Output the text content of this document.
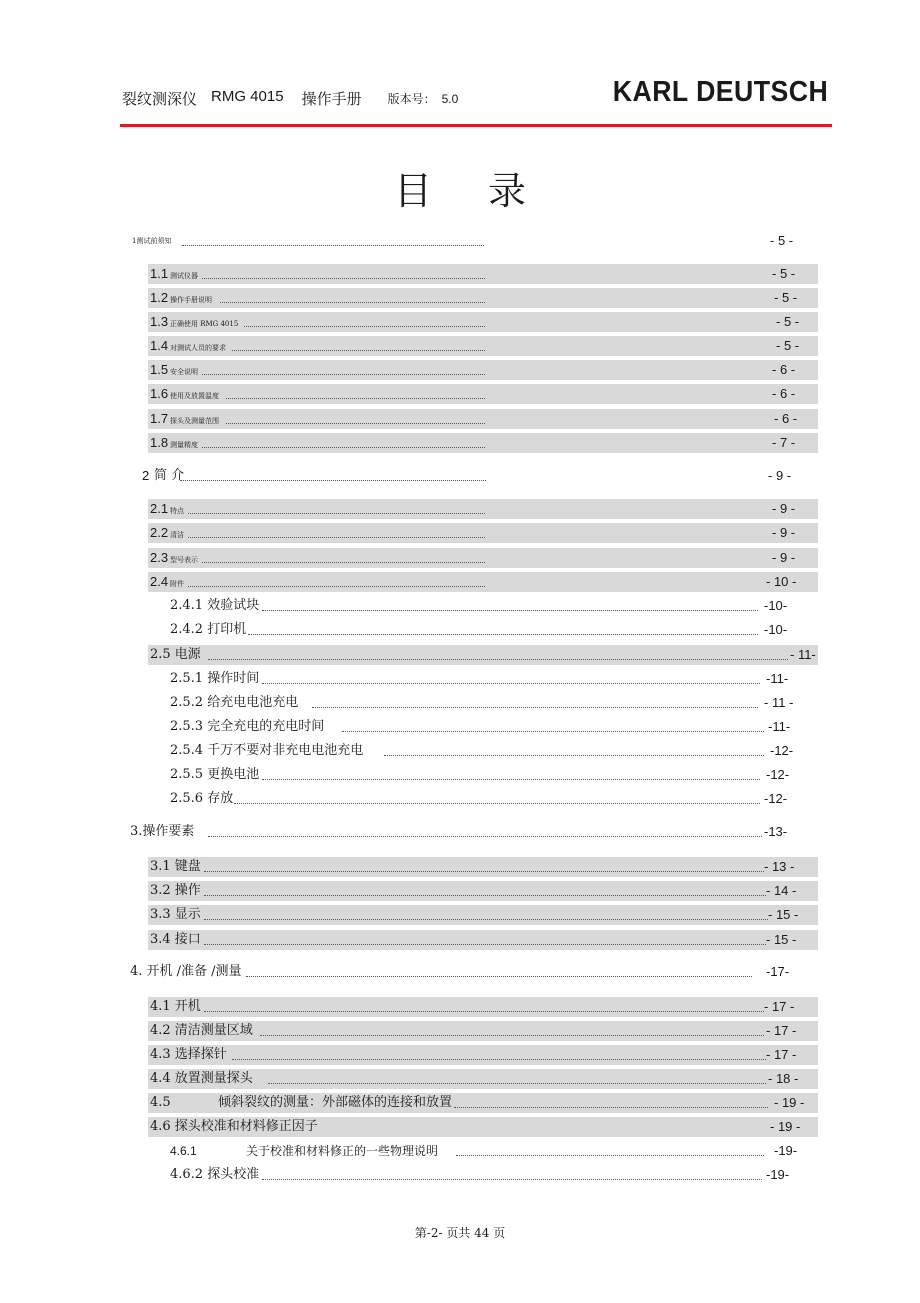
裂纹测深仪 RMG 4015 操作手册 版本号： 5.0	KARL DEUTSCH
目 录
1测试前须知	- 5 -
1.1 测试仪器	- 5 -
1.2 操作手册说明	- 5 -
1.3 正确使用 RMG 4015	- 5 -
1.4 对测试人员的要求	- 5 -
1.5 安全说明	- 6 -
1.6 使用及放置温度	- 6 -
1.7 探头及测量范围	- 6 -
1.8 测量精度	- 7 -
2 简 介	- 9 -
2.1 特点	- 9 -
2.2 清洁	- 9 -
2.3 型号表示	- 9 -
2.4 附件	- 10 -
2.4.1 效验试块	-10-
2.4.2 打印机	-10-
2.5 电源	- 11-
2.5.1 操作时间	-11-
2.5.2 给充电电池充电	- 11 -
2.5.3 完全充电的充电时间	-11-
2.5.4 千万不要对非充电电池充电	-12-
2.5.5 更换电池	-12-
2.5.6 存放	-12-
3.操作要素	-13-
3.1 键盘	- 13 -
3.2 操作	- 14 -
3.3 显示	- 15 -
3.4 接口	- 15 -
4. 开机 /准备 /测量	-17-
4.1 开机	- 17 -
4.2 清洁测量区域	- 17 -
4.3 选择探针	- 17 -
4.4 放置测量探头	- 18 -
4.5	倾斜裂纹的测量：外部磁体的连接和放置	- 19 -
4.6 探头校准和材料修正因子	- 19 -
4.6.1	关于校准和材料修正的一些物理说明	-19-
4.6.2 探头校准	-19-
第-2- 页共 44 页
